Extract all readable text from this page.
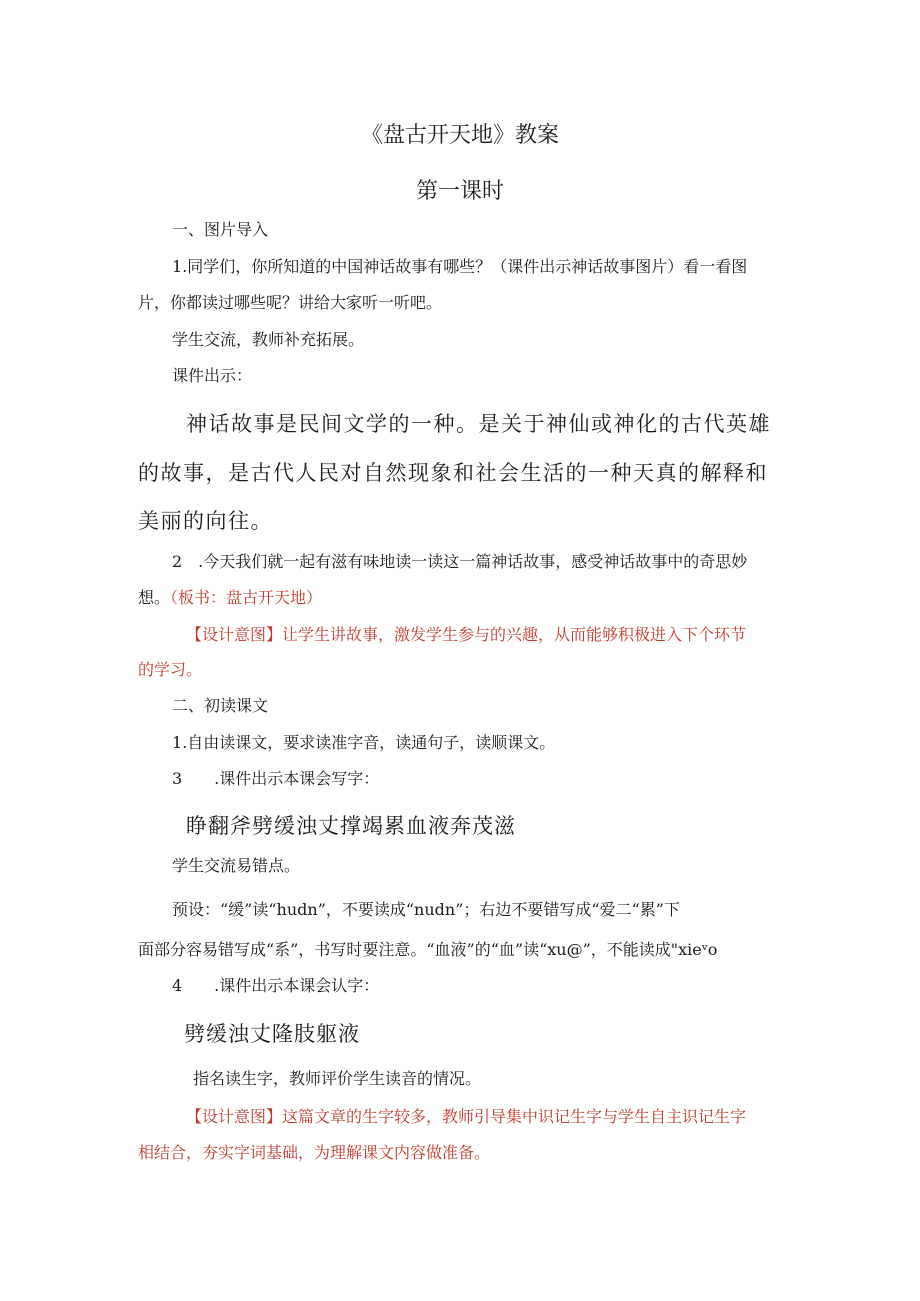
《盘古开天地》教案
第一课时
一、图片导入
1.同学们，你所知道的中国神话故事有哪些？（课件出示神话故事图片）看一看图
片，你都读过哪些呢？讲给大家听一听吧。
学生交流，教师补充拓展。
课件出示：
神话故事是民间文学的一种。是关于神仙或神化的古代英雄
的故事，是古代人民对自然现象和社会生活的一种天真的解释和
美丽的向往。
2　.今天我们就一起有滋有味地读一读这一篇神话故事，感受神话故事中的奇思妙
想。（板书：盘古开天地）
【设计意图】让学生讲故事，激发学生参与的兴趣，从而能够积极进入下个环节
的学习。
二、初读课文
1.自由读课文，要求读准字音，读通句子，读顺课文。
3　　.课件出示本课会写字：
睁翻斧劈缓浊丈撑竭累血液奔茂滋
学生交流易错点。
预设：“缓”读“hudn”，不要读成“nudn”；右边不要错写成“爱二“累”下
面部分容易错写成“系”，书写时要注意。“血液”的“血”读“xu@”，不能读成"xieᵛo
4　　.课件出示本课会认字：
劈缓浊丈隆肢躯液
指名读生字，教师评价学生读音的情况。
【设计意图】这篇文章的生字较多，教师引导集中识记生字与学生自主识记生字
相结合，夯实字词基础，为理解课文内容做准备。
